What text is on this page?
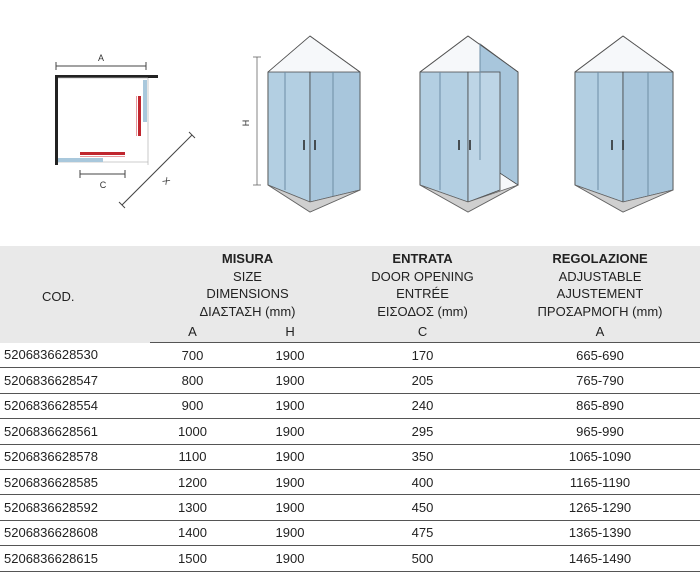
A
C	X
H
COD.	MISURA
SIZE
DIMENSIONS
ΔΙΑΣΤΑΣΗ (mm)		ENTRATA
DOOR OPENING
ENTRÉE
ΕΙΣΟΔΟΣ (mm)	REGOLAZIONE
ADJUSTABLE
AJUSTEMENT
ΠΡΟΣΑΡΜΟΓΗ (mm)

	A	H	C	A
5206836628530	700	1900	170	665-690
5206836628547	800	1900	205	765-790
5206836628554	900	1900	240	865-890
5206836628561	1000	1900	295	965-990
5206836628578	1100	1900	350	1065-1090
5206836628585	1200	1900	400	1165-1190
5206836628592	1300	1900	450	1265-1290
5206836628608	1400	1900	475	1365-1390
5206836628615	1500	1900	500	1465-1490
